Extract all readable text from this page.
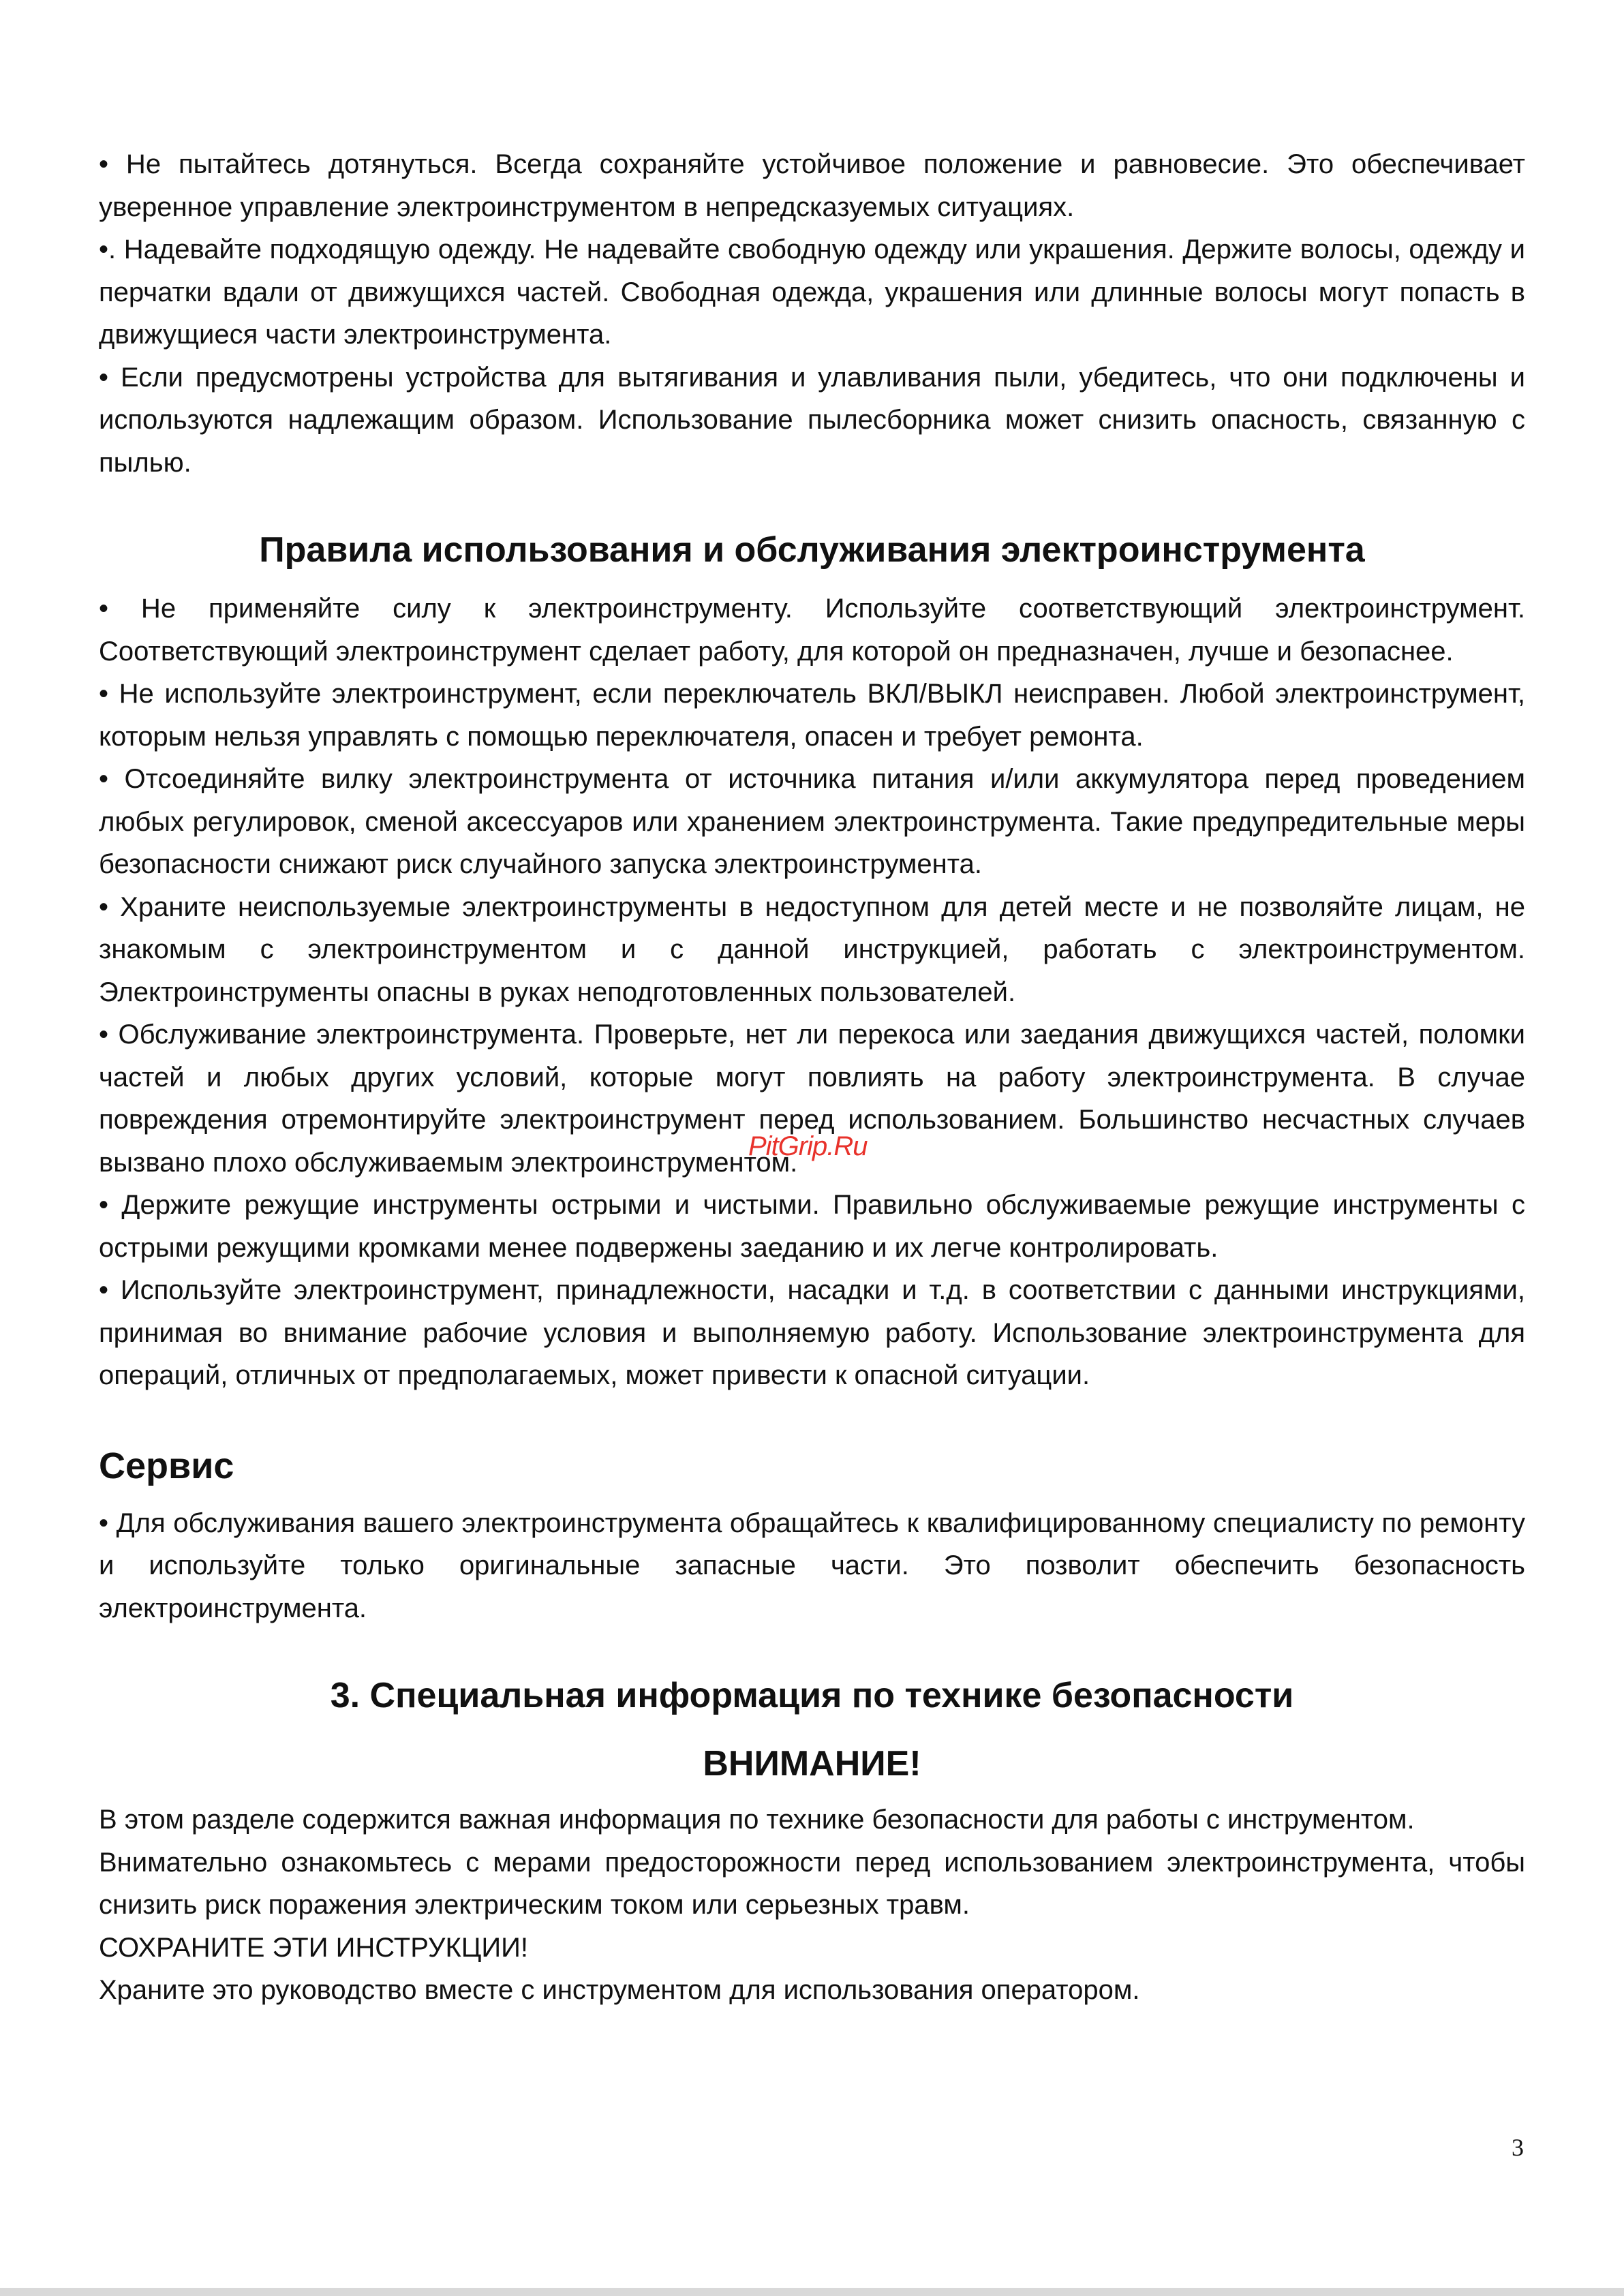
• Не пытайтесь дотянуться. Всегда сохраняйте устойчивое положение и равновесие. Это обеспечивает уверенное управление электроинструментом в непредсказуемых ситуациях.

•. Надевайте подходящую одежду. Не надевайте свободную одежду или украшения. Держите волосы, одежду и перчатки вдали от движущихся частей. Свободная одежда, украшения или длинные волосы могут попасть в движущиеся части электроинструмента.

• Если предусмотрены устройства для вытягивания и улавливания пыли, убедитесь, что они подключены и используются надлежащим образом. Использование пылесборника может снизить опасность, связанную с пылью.

Правила использования и обслуживания электроинструмента

• Не применяйте силу к электроинструменту. Используйте соответствующий электроинструмент. Соответствующий электроинструмент сделает работу, для которой он предназначен, лучше и безопаснее.

• Не используйте электроинструмент, если переключатель ВКЛ/ВЫКЛ неисправен. Любой электроинструмент, которым нельзя управлять с помощью переключателя, опасен и требует ремонта.

• Отсоединяйте вилку электроинструмента от источника питания и/или аккумулятора перед проведением любых регулировок, сменой аксессуаров или хранением электроинструмента. Такие предупредительные меры безопасности снижают риск случайного запуска электроинструмента.

• Храните неиспользуемые электроинструменты в недоступном для детей месте и не позволяйте лицам, не знакомым с электроинструментом и с данной инструкцией, работать с электроинструментом. Электроинструменты опасны в руках неподготовленных пользователей.

• Обслуживание электроинструмента. Проверьте, нет ли перекоса или заедания движущихся частей, поломки частей и любых других условий, которые могут повлиять на работу электроинструмента. В случае повреждения отремонтируйте электроинструмент перед использованием. Большинство несчастных случаев вызвано плохо обслуживаемым электроинструментом.

• Держите режущие инструменты острыми и чистыми. Правильно обслуживаемые режущие инструменты с острыми режущими кромками менее подвержены заеданию и их легче контролировать.

• Используйте электроинструмент, принадлежности, насадки и т.д. в соответствии с данными инструкциями, принимая во внимание рабочие условия и выполняемую работу. Использование электроинструмента для операций, отличных от предполагаемых, может привести к опасной ситуации.

Сервис

• Для обслуживания вашего электроинструмента обращайтесь к квалифицированному специалисту по ремонту и используйте только оригинальные запасные части. Это позволит обеспечить безопасность электроинструмента.

3. Специальная информация по технике безопасности
ВНИМАНИЕ!

В этом разделе содержится важная информация по технике безопасности для работы с инструментом.

Внимательно ознакомьтесь с мерами предосторожности перед использованием электроинструмента, чтобы снизить риск поражения электрическим током или серьезных травм.

СОХРАНИТЕ ЭТИ ИНСТРУКЦИИ!

Храните это руководство вместе с инструментом для использования оператором.

PitGrip.Ru
3
